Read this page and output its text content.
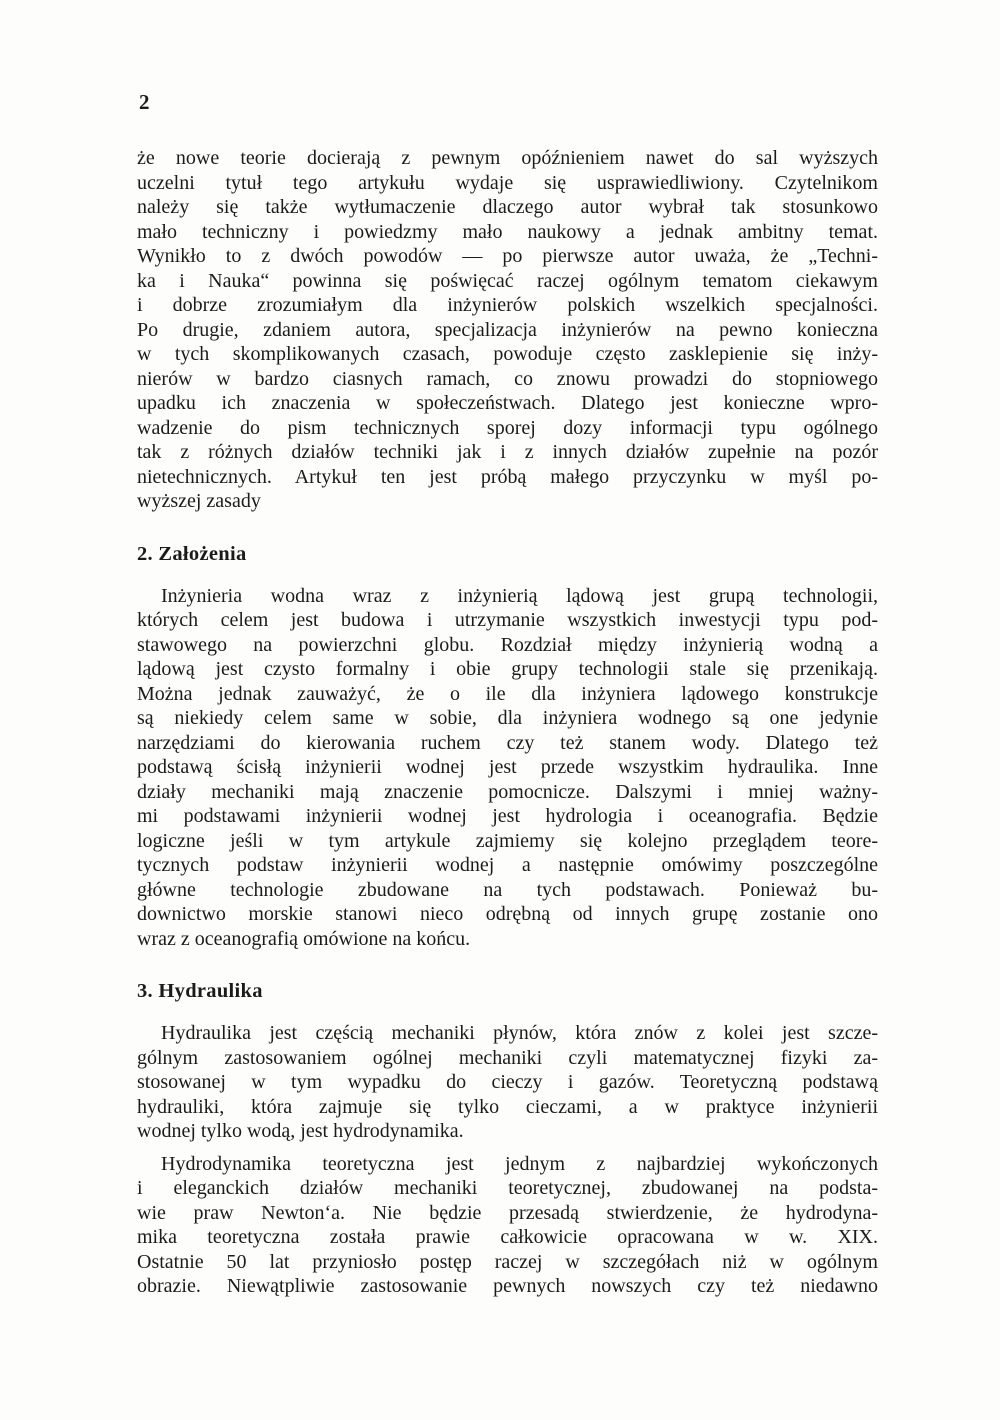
2
że nowe teorie docierają z pewnym opóźnieniem nawet do sal wyższych
uczelni tytuł tego artykułu wydaje się usprawiedliwiony. Czytelnikom
należy się także wytłumaczenie dlaczego autor wybrał tak stosunkowo
mało techniczny i powiedzmy mało naukowy a jednak ambitny temat.
Wynikło to z dwóch powodów — po pierwsze autor uważa, że „Techni-
ka i Nauka“ powinna się poświęcać raczej ogólnym tematom ciekawym
i dobrze zrozumiałym dla inżynierów polskich wszelkich specjalności.
Po drugie, zdaniem autora, specjalizacja inżynierów na pewno konieczna
w tych skomplikowanych czasach, powoduje często zasklepienie się inży-
nierów w bardzo ciasnych ramach, co znowu prowadzi do stopniowego
upadku ich znaczenia w społeczeństwach. Dlatego jest konieczne wpro-
wadzenie do pism technicznych sporej dozy informacji typu ogólnego
tak z różnych działów techniki jak i z innych działów zupełnie na pozór
nietechnicznych. Artykuł ten jest próbą małego przyczynku w myśl po-
wyższej zasady
2. Założenia
Inżynieria wodna wraz z inżynierią lądową jest grupą technologii,
których celem jest budowa i utrzymanie wszystkich inwestycji typu pod-
stawowego na powierzchni globu. Rozdział między inżynierią wodną a
lądową jest czysto formalny i obie grupy technologii stale się przenikają.
Można jednak zauważyć, że o ile dla inżyniera lądowego konstrukcje
są niekiedy celem same w sobie, dla inżyniera wodnego są one jedynie
narzędziami do kierowania ruchem czy też stanem wody. Dlatego też
podstawą ścisłą inżynierii wodnej jest przede wszystkim hydraulika. Inne
działy mechaniki mają znaczenie pomocnicze. Dalszymi i mniej ważny-
mi podstawami inżynierii wodnej jest hydrologia i oceanografia. Będzie
logiczne jeśli w tym artykule zajmiemy się kolejno przeglądem teore-
tycznych podstaw inżynierii wodnej a następnie omówimy poszczególne
główne technologie zbudowane na tych podstawach. Ponieważ bu-
downictwo morskie stanowi nieco odrębną od innych grupę zostanie ono
wraz z oceanografią omówione na końcu.
3. Hydraulika
Hydraulika jest częścią mechaniki płynów, która znów z kolei jest szcze-
gólnym zastosowaniem ogólnej mechaniki czyli matematycznej fizyki za-
stosowanej w tym wypadku do cieczy i gazów. Teoretyczną podstawą
hydrauliki, która zajmuje się tylko cieczami, a w praktyce inżynierii
wodnej tylko wodą, jest hydrodynamika.
Hydrodynamika teoretyczna jest jednym z najbardziej wykończonych
i eleganckich działów mechaniki teoretycznej, zbudowanej na podsta-
wie praw Newton‘a. Nie będzie przesadą stwierdzenie, że hydrodyna-
mika teoretyczna została prawie całkowicie opracowana w w. XIX.
Ostatnie 50 lat przyniosło postęp raczej w szczegółach niż w ogólnym
obrazie. Niewątpliwie zastosowanie pewnych nowszych czy też niedawno
